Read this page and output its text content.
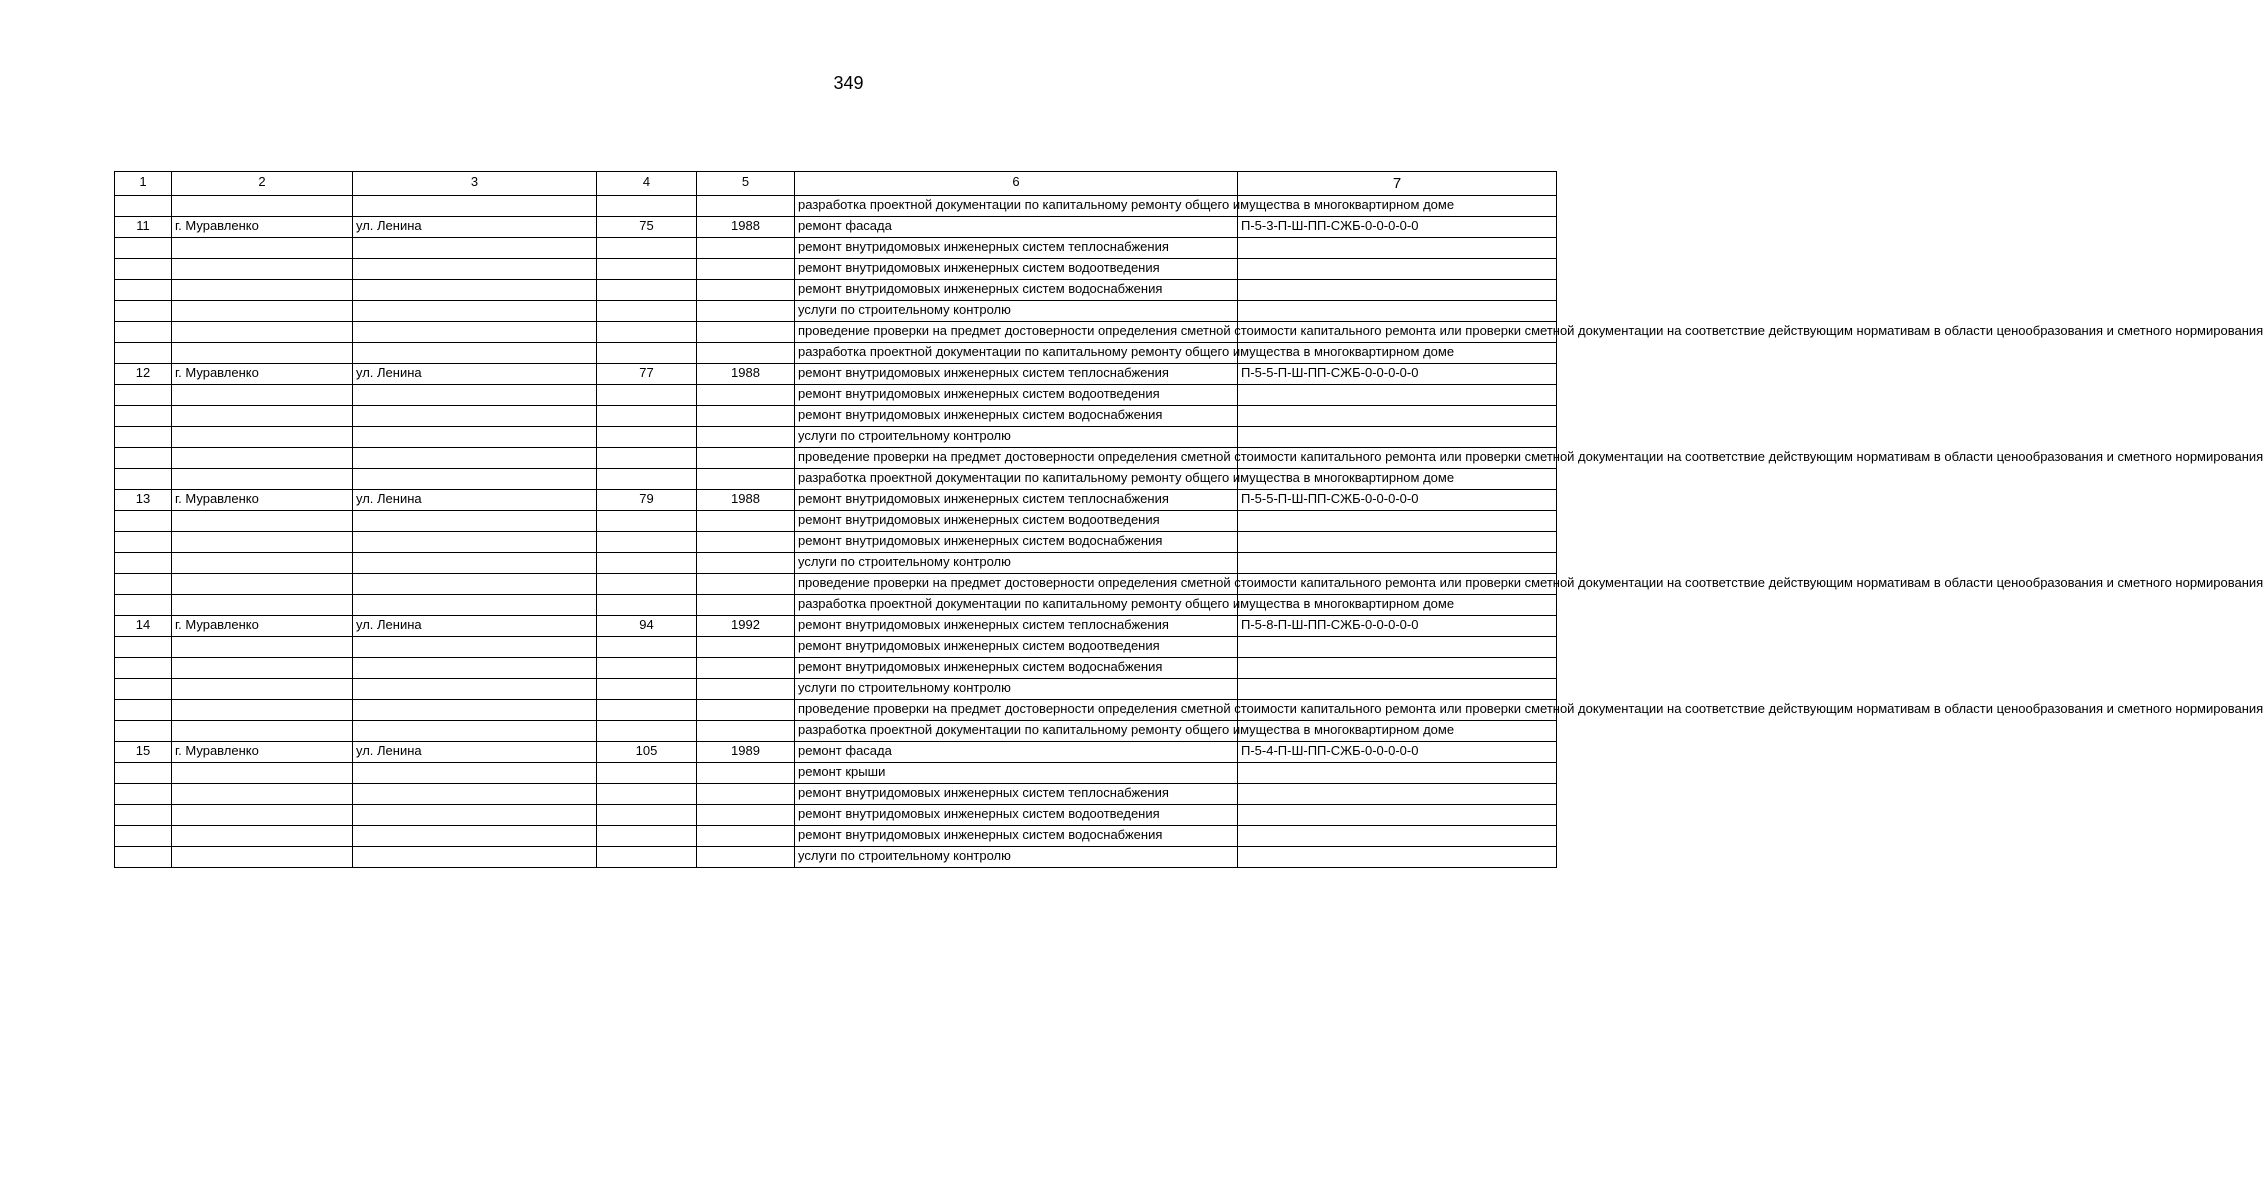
349
1	2	3	4	5	6	7
					разработка проектной документации по капитальному ремонту общего имущества в многоквартирном доме	
11	г. Муравленко	ул. Ленина	75	1988	ремонт фасада	П-5-3-П-Ш-ПП-СЖБ-0-0-0-0-0
					ремонт внутридомовых инженерных систем теплоснабжения	
					ремонт внутридомовых инженерных систем водоотведения	
					ремонт внутридомовых инженерных систем водоснабжения	
					услуги по строительному контролю	
					проведение проверки на предмет достоверности определения сметной стоимости капитального ремонта или проверки сметной документации на соответствие действующим нормативам в области ценообразования и сметного нормирования	
					разработка проектной документации по капитальному ремонту общего имущества в многоквартирном доме	
12	г. Муравленко	ул. Ленина	77	1988	ремонт внутридомовых инженерных систем теплоснабжения	П-5-5-П-Ш-ПП-СЖБ-0-0-0-0-0
					ремонт внутридомовых инженерных систем водоотведения	
					ремонт внутридомовых инженерных систем водоснабжения	
					услуги по строительному контролю	
					проведение проверки на предмет достоверности определения сметной стоимости капитального ремонта или проверки сметной документации на соответствие действующим нормативам в области ценообразования и сметного нормирования	
					разработка проектной документации по капитальному ремонту общего имущества в многоквартирном доме	
13	г. Муравленко	ул. Ленина	79	1988	ремонт внутридомовых инженерных систем теплоснабжения	П-5-5-П-Ш-ПП-СЖБ-0-0-0-0-0
					ремонт внутридомовых инженерных систем водоотведения	
					ремонт внутридомовых инженерных систем водоснабжения	
					услуги по строительному контролю	
					проведение проверки на предмет достоверности определения сметной стоимости капитального ремонта или проверки сметной документации на соответствие действующим нормативам в области ценообразования и сметного нормирования	
					разработка проектной документации по капитальному ремонту общего имущества в многоквартирном доме	
14	г. Муравленко	ул. Ленина	94	1992	ремонт внутридомовых инженерных систем теплоснабжения	П-5-8-П-Ш-ПП-СЖБ-0-0-0-0-0
					ремонт внутридомовых инженерных систем водоотведения	
					ремонт внутридомовых инженерных систем водоснабжения	
					услуги по строительному контролю	
					проведение проверки на предмет достоверности определения сметной стоимости капитального ремонта или проверки сметной документации на соответствие действующим нормативам в области ценообразования и сметного нормирования	
					разработка проектной документации по капитальному ремонту общего имущества в многоквартирном доме	
15	г. Муравленко	ул. Ленина	105	1989	ремонт фасада	П-5-4-П-Ш-ПП-СЖБ-0-0-0-0-0
					ремонт крыши	
					ремонт внутридомовых инженерных систем теплоснабжения	
					ремонт внутридомовых инженерных систем водоотведения	
					ремонт внутридомовых инженерных систем водоснабжения	
					услуги по строительному контролю	
